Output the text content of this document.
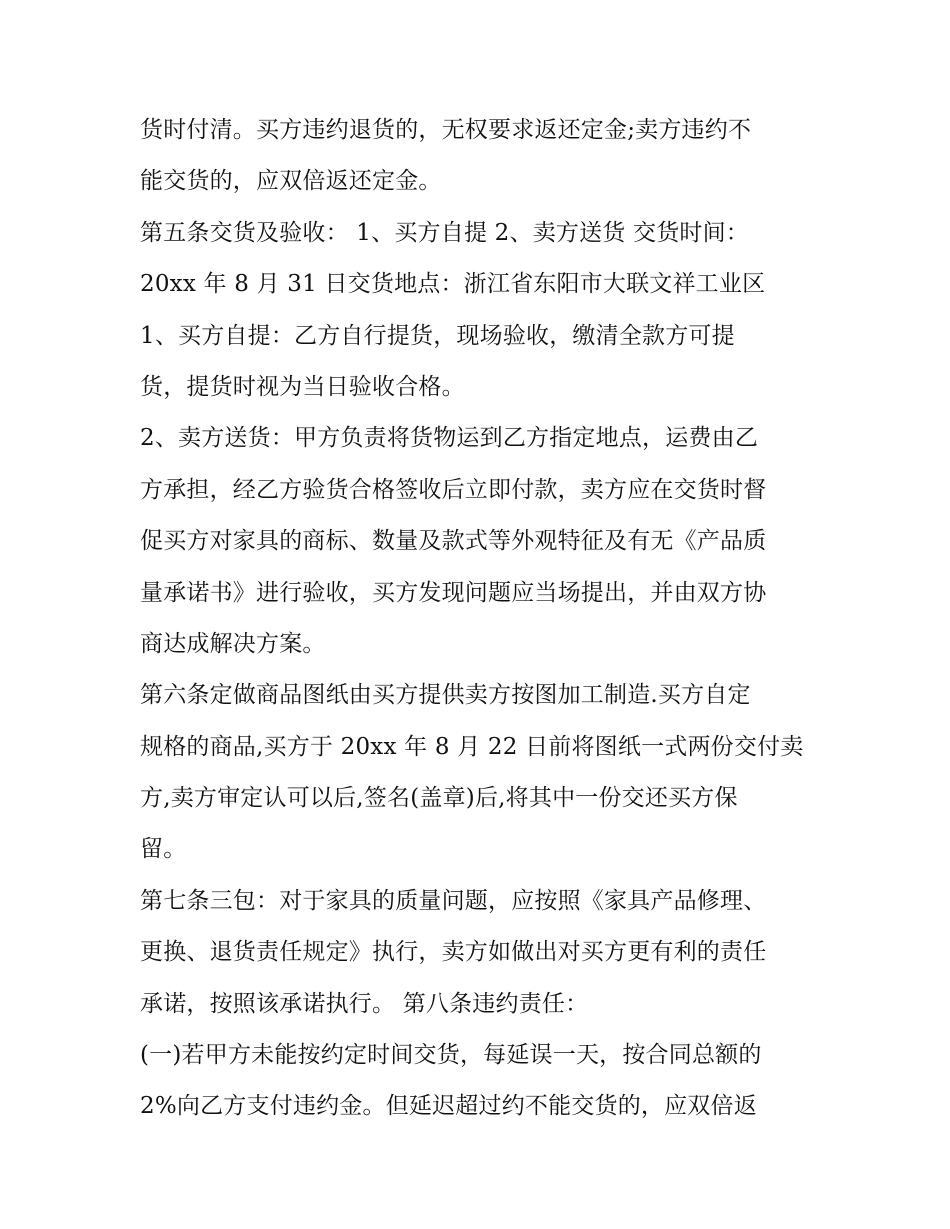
货时付清。买方违约退货的，无权要求返还定金;卖方违约不
能交货的，应双倍返还定金。
第五条交货及验收： 1、买方自提 2、卖方送货 交货时间：
20xx 年 8 月 31 日交货地点：浙江省东阳市大联文祥工业区
1、买方自提：乙方自行提货，现场验收，缴清全款方可提
货，提货时视为当日验收合格。
2、卖方送货：甲方负责将货物运到乙方指定地点，运费由乙
方承担，经乙方验货合格签收后立即付款，卖方应在交货时督
促买方对家具的商标、数量及款式等外观特征及有无《产品质
量承诺书》进行验收，买方发现问题应当场提出，并由双方协
商达成解决方案。
第六条定做商品图纸由买方提供卖方按图加工制造.买方自定
规格的商品,买方于 20xx 年 8 月 22 日前将图纸一式两份交付卖
方,卖方审定认可以后,签名(盖章)后,将其中一份交还买方保
留。
第七条三包：对于家具的质量问题，应按照《家具产品修理、
更换、退货责任规定》执行，卖方如做出对买方更有利的责任
承诺，按照该承诺执行。 第八条违约责任：
(一)若甲方未能按约定时间交货，每延误一天，按合同总额的
2%向乙方支付违约金。但延迟超过约不能交货的，应双倍返
